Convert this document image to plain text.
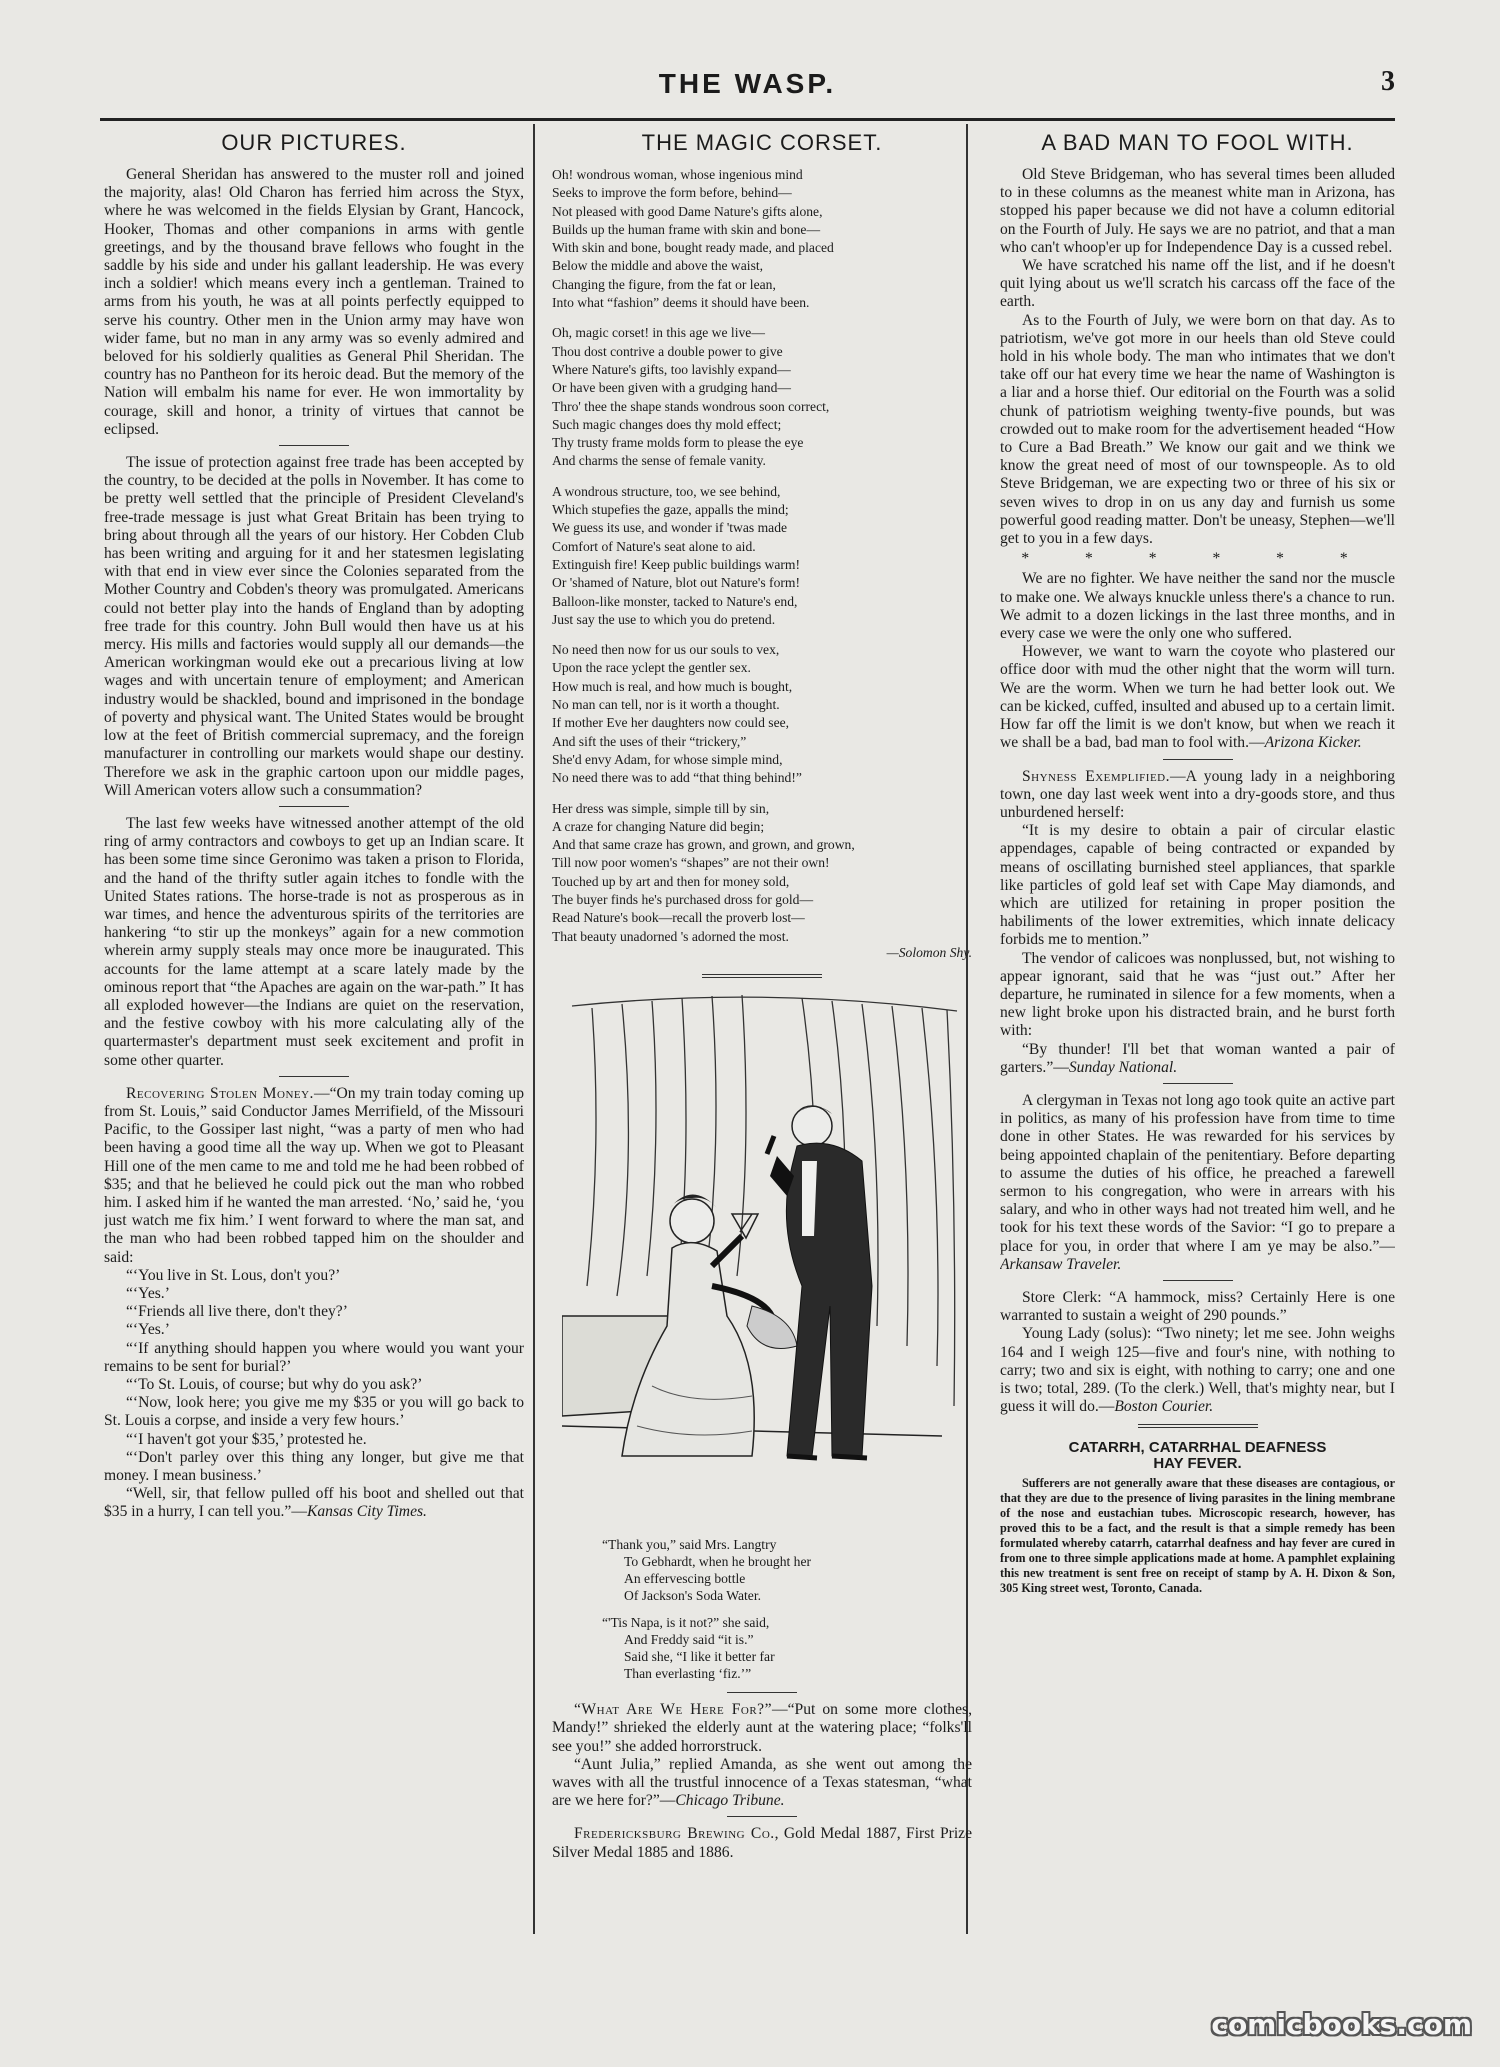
THE WASP.	3
OUR PICTURES.

General Sheridan has answered to the muster roll and joined the majority, alas! Old Charon has ferried him across the Styx, where he was welcomed in the fields Elysian by Grant, Hancock, Hooker, Thomas and other companions in arms with gentle greetings, and by the thousand brave fellows who fought in the saddle by his side and under his gallant leadership. He was every inch a soldier! which means every inch a gentleman. Trained to arms from his youth, he was at all points perfectly equipped to serve his country. Other men in the Union army may have won wider fame, but no man in any army was so evenly admired and beloved for his soldierly qualities as General Phil Sheridan. The country has no Pantheon for its heroic dead. But the memory of the Nation will embalm his name for ever. He won immortality by courage, skill and honor, a trinity of virtues that cannot be eclipsed.

The issue of protection against free trade has been accepted by the country, to be decided at the polls in November. It has come to be pretty well settled that the principle of President Cleveland's free-trade message is just what Great Britain has been trying to bring about through all the years of our history. Her Cobden Club has been writing and arguing for it and her statesmen legislating with that end in view ever since the Colonies separated from the Mother Country and Cobden's theory was promulgated. Americans could not better play into the hands of England than by adopting free trade for this country. John Bull would then have us at his mercy. His mills and factories would supply all our demands—the American workingman would eke out a precarious living at low wages and with uncertain tenure of employment; and American industry would be shackled, bound and imprisoned in the bondage of poverty and physical want. The United States would be brought low at the feet of British commercial supremacy, and the foreign manufacturer in controlling our markets would shape our destiny. Therefore we ask in the graphic cartoon upon our middle pages, Will American voters allow such a consummation?

The last few weeks have witnessed another attempt of the old ring of army contractors and cowboys to get up an Indian scare. It has been some time since Geronimo was taken a prison to Florida, and the hand of the thrifty sutler again itches to fondle with the United States rations. The horse-trade is not as prosperous as in war times, and hence the adventurous spirits of the territories are hankering “to stir up the monkeys” again for a new commotion wherein army supply steals may once more be inaugurated. This accounts for the lame attempt at a scare lately made by the ominous report that “the Apaches are again on the war-path.” It has all exploded however—the Indians are quiet on the reservation, and the festive cowboy with his more calculating ally of the quartermaster's department must seek excitement and profit in some other quarter.

Recovering Stolen Money.—“On my train today coming up from St. Louis,” said Conductor James Merrifield, of the Missouri Pacific, to the Gossiper last night, “was a party of men who had been having a good time all the way up. When we got to Pleasant Hill one of the men came to me and told me he had been robbed of $35; and that he believed he could pick out the man who robbed him. I asked him if he wanted the man arrested. ‘No,’ said he, ‘you just watch me fix him.’ I went forward to where the man sat, and the man who had been robbed tapped him on the shoulder and said:

“‘You live in St. Lous, don't you?’

“‘Yes.’

“‘Friends all live there, don't they?’

“‘Yes.’

“‘If anything should happen you where would you want your remains to be sent for burial?’

“‘To St. Louis, of course; but why do you ask?’

“‘Now, look here; you give me my $35 or you will go back to St. Louis a corpse, and inside a very few hours.’

“‘I haven't got your $35,’ protested he.

“‘Don't parley over this thing any longer, but give me that money. I mean business.’

“Well, sir, that fellow pulled off his boot and shelled out that $35 in a hurry, I can tell you.”—Kansas City Times.

THE MAGIC CORSET.
Oh! wondrous woman, whose ingenious mind
Seeks to improve the form before, behind—
Not pleased with good Dame Nature's gifts alone,
Builds up the human frame with skin and bone—
With skin and bone, bought ready made, and placed
Below the middle and above the waist,
Changing the figure, from the fat or lean,
Into what “fashion” deems it should have been.
Oh, magic corset! in this age we live—
Thou dost contrive a double power to give
Where Nature's gifts, too lavishly expand—
Or have been given with a grudging hand—
Thro' thee the shape stands wondrous soon correct,
Such magic changes does thy mold effect;
Thy trusty frame molds form to please the eye
And charms the sense of female vanity.
A wondrous structure, too, we see behind,
Which stupefies the gaze, appalls the mind;
We guess its use, and wonder if 'twas made
Comfort of Nature's seat alone to aid.
Extinguish fire! Keep public buildings warm!
Or 'shamed of Nature, blot out Nature's form!
Balloon-like monster, tacked to Nature's end,
Just say the use to which you do pretend.
No need then now for us our souls to vex,
Upon the race yclept the gentler sex.
How much is real, and how much is bought,
No man can tell, nor is it worth a thought.
If mother Eve her daughters now could see,
And sift the uses of their “trickery,”
She'd envy Adam, for whose simple mind,
No need there was to add “that thing behind!”
Her dress was simple, simple till by sin,
A craze for changing Nature did begin;
And that same craze has grown, and grown, and grown,
Till now poor women's “shapes” are not their own!
Touched up by art and then for money sold,
The buyer finds he's purchased dross for gold—
Read Nature's book—recall the proverb lost—
That beauty unadorned 's adorned the most.
—Solomon Shy.
“Thank you,” said Mrs. Langtry
To Gebhardt, when he brought her
An effervescing bottle
Of Jackson's Soda Water.
“'Tis Napa, is it not?” she said,
And Freddy said “it is.”
Said she, “I like it better far
Than everlasting ‘fiz.’”

“What Are We Here For?”—“Put on some more clothes, Mandy!” shrieked the elderly aunt at the watering place; “folks'll see you!” she added horrorstruck.

“Aunt Julia,” replied Amanda, as she went out among the waves with all the trustful innocence of a Texas statesman, “what are we here for?”—Chicago Tribune.

Fredericksburg Brewing Co., Gold Medal 1887, First Prize Silver Medal 1885 and 1886.

A BAD MAN TO FOOL WITH.

Old Steve Bridgeman, who has several times been alluded to in these columns as the meanest white man in Arizona, has stopped his paper because we did not have a column editorial on the Fourth of July. He says we are no patriot, and that a man who can't whoop'er up for Independence Day is a cussed rebel.

We have scratched his name off the list, and if he doesn't quit lying about us we'll scratch his carcass off the face of the earth.

As to the Fourth of July, we were born on that day. As to patriotism, we've got more in our heels than old Steve could hold in his whole body. The man who intimates that we don't take off our hat every time we hear the name of Washington is a liar and a horse thief. Our editorial on the Fourth was a solid chunk of patriotism weighing twenty-five pounds, but was crowded out to make room for the advertisement headed “How to Cure a Bad Breath.” We know our gait and we think we know the great need of most of our townspeople. As to old Steve Bridgeman, we are expecting two or three of his six or seven wives to drop in on us any day and furnish us some powerful good reading matter. Don't be uneasy, Stephen—we'll get to you in a few days.

* * * * * *

We are no fighter. We have neither the sand nor the muscle to make one. We always knuckle unless there's a chance to run. We admit to a dozen lickings in the last three months, and in every case we were the only one who suffered.

However, we want to warn the coyote who plastered our office door with mud the other night that the worm will turn. We are the worm. When we turn he had better look out. We can be kicked, cuffed, insulted and abused up to a certain limit. How far off the limit is we don't know, but when we reach it we shall be a bad, bad man to fool with.—Arizona Kicker.

Shyness Exemplified.—A young lady in a neighboring town, one day last week went into a dry-goods store, and thus unburdened herself:

“It is my desire to obtain a pair of circular elastic appendages, capable of being contracted or expanded by means of oscillating burnished steel appliances, that sparkle like particles of gold leaf set with Cape May diamonds, and which are utilized for retaining in proper position the habiliments of the lower extremities, which innate delicacy forbids me to mention.”

The vendor of calicoes was nonplussed, but, not wishing to appear ignorant, said that he was “just out.” After her departure, he ruminated in silence for a few moments, when a new light broke upon his distracted brain, and he burst forth with:

“By thunder! I'll bet that woman wanted a pair of garters.”—Sunday National.

A clergyman in Texas not long ago took quite an active part in politics, as many of his profession have from time to time done in other States. He was rewarded for his services by being appointed chaplain of the penitentiary. Before departing to assume the duties of his office, he preached a farewell sermon to his congregation, who were in arrears with his salary, and who in other ways had not treated him well, and he took for his text these words of the Savior: “I go to prepare a place for you, in order that where I am ye may be also.”—Arkansaw Traveler.

Store Clerk: “A hammock, miss? Certainly Here is one warranted to sustain a weight of 290 pounds.”

Young Lady (solus): “Two ninety; let me see. John weighs 164 and I weigh 125—five and four's nine, with nothing to carry; two and six is eight, with nothing to carry; one and one is two; total, 289. (To the clerk.) Well, that's mighty near, but I guess it will do.—Boston Courier.

CATARRH, CATARRHAL DEAFNESS
HAY FEVER.

Sufferers are not generally aware that these diseases are contagious, or that they are due to the presence of living parasites in the lining membrane of the nose and eustachian tubes. Microscopic research, however, has proved this to be a fact, and the result is that a simple remedy has been formulated whereby catarrh, catarrhal deafness and hay fever are cured in from one to three simple applications made at home. A pamphlet explaining this new treatment is sent free on receipt of stamp by A. H. Dixon & Son, 305 King street west, Toronto, Canada.

comicbooks.com
